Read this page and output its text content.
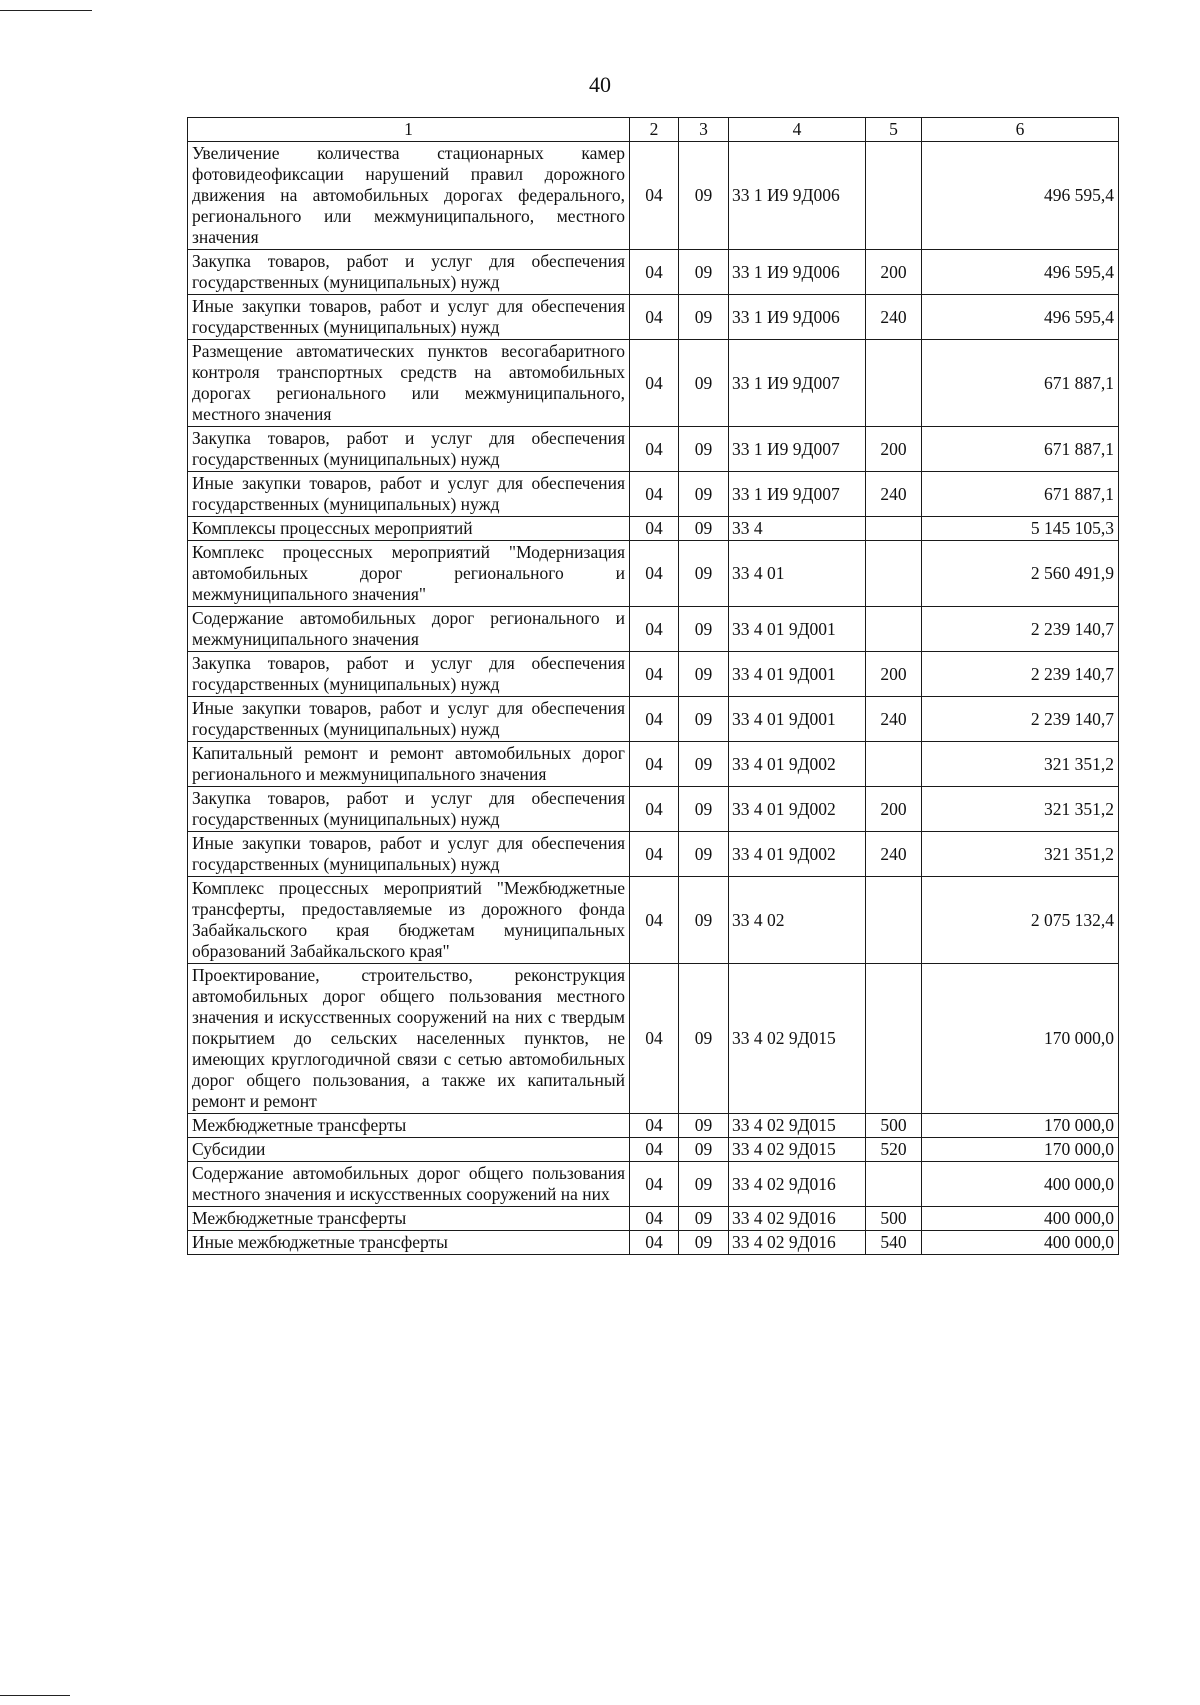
40
1	2	3	4	5	6
Увеличение количества стационарных камер фотовидеофиксации нарушений правил дорожного движения на автомобильных дорогах федерального, регионального или межмуниципального, местного значения	04	09	33 1 И9 9Д006		496 595,4
Закупка товаров, работ и услуг для обеспечения государственных (муниципальных) нужд	04	09	33 1 И9 9Д006	200	496 595,4
Иные закупки товаров, работ и услуг для обеспечения государственных (муниципальных) нужд	04	09	33 1 И9 9Д006	240	496 595,4
Размещение автоматических пунктов весогабаритного контроля транспортных средств на автомобильных дорогах регионального или межмуниципального, местного значения	04	09	33 1 И9 9Д007		671 887,1
Закупка товаров, работ и услуг для обеспечения государственных (муниципальных) нужд	04	09	33 1 И9 9Д007	200	671 887,1
Иные закупки товаров, работ и услуг для обеспечения государственных (муниципальных) нужд	04	09	33 1 И9 9Д007	240	671 887,1
Комплексы процессных мероприятий	04	09	33 4		5 145 105,3
Комплекс процессных мероприятий "Модернизация автомобильных дорог регионального и межмуниципального значения"	04	09	33 4 01		2 560 491,9
Содержание автомобильных дорог регионального и межмуниципального значения	04	09	33 4 01 9Д001		2 239 140,7
Закупка товаров, работ и услуг для обеспечения государственных (муниципальных) нужд	04	09	33 4 01 9Д001	200	2 239 140,7
Иные закупки товаров, работ и услуг для обеспечения государственных (муниципальных) нужд	04	09	33 4 01 9Д001	240	2 239 140,7
Капитальный ремонт и ремонт автомобильных дорог регионального и межмуниципального значения	04	09	33 4 01 9Д002		321 351,2
Закупка товаров, работ и услуг для обеспечения государственных (муниципальных) нужд	04	09	33 4 01 9Д002	200	321 351,2
Иные закупки товаров, работ и услуг для обеспечения государственных (муниципальных) нужд	04	09	33 4 01 9Д002	240	321 351,2
Комплекс процессных мероприятий "Межбюджетные трансферты, предоставляемые из дорожного фонда Забайкальского края бюджетам муниципальных образований Забайкальского края"	04	09	33 4 02		2 075 132,4
Проектирование, строительство, реконструкция автомобильных дорог общего пользования местного значения и искусственных сооружений на них с твердым покрытием до сельских населенных пунктов, не имеющих круглогодичной связи с сетью автомобильных дорог общего пользования, а также их капитальный ремонт и ремонт	04	09	33 4 02 9Д015		170 000,0
Межбюджетные трансферты	04	09	33 4 02 9Д015	500	170 000,0
Субсидии	04	09	33 4 02 9Д015	520	170 000,0
Содержание автомобильных дорог общего пользования местного значения и искусственных сооружений на них	04	09	33 4 02 9Д016		400 000,0
Межбюджетные трансферты	04	09	33 4 02 9Д016	500	400 000,0
Иные межбюджетные трансферты	04	09	33 4 02 9Д016	540	400 000,0
